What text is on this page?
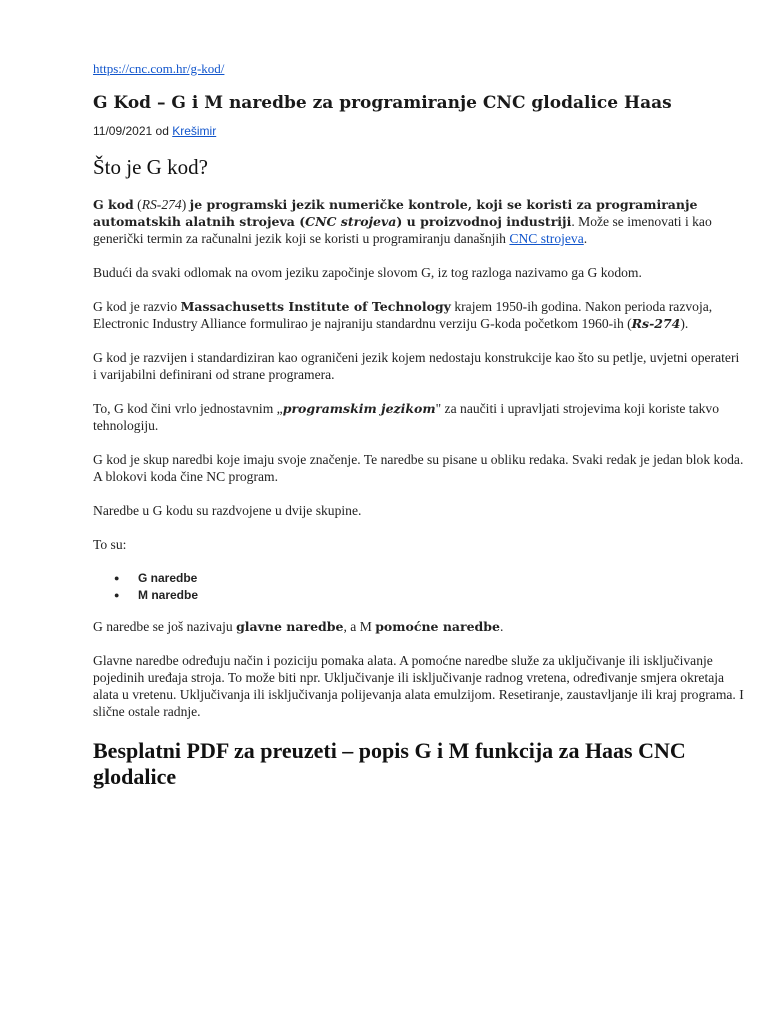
https://cnc.com.hr/g-kod/
G Kod – G i M naredbe za programiranje CNC glodalice Haas
11/09/2021 od Krešimir
Što je G kod?

G kod (RS-274) je programski jezik numeričke kontrole, koji se koristi za programiranje automatskih alatnih strojeva (CNC strojeva) u proizvodnoj industriji. Može se imenovati i kao generički termin za računalni jezik koji se koristi u programiranju današnjih CNC strojeva.

Budući da svaki odlomak na ovom jeziku započinje slovom G, iz tog razloga nazivamo ga G kodom.

G kod je razvio Massachusetts Institute of Technology krajem 1950-ih godina. Nakon perioda razvoja, Electronic Industry Alliance formulirao je najraniju standardnu verziju G-koda početkom 1960-ih (Rs-274).

G kod je razvijen i standardiziran kao ograničeni jezik kojem nedostaju konstrukcije kao što su petlje, uvjetni operateri i varijabilni definirani od strane programera.

To, G kod čini vrlo jednostavnim „programskim jezikom" za naučiti i upravljati strojevima koji koriste takvo tehnologiju.

G kod je skup naredbi koje imaju svoje značenje. Te naredbe su pisane u obliku redaka. Svaki redak je jedan blok koda. A blokovi koda čine NC program.

Naredbe u G kodu su razdvojene u dvije skupine.

To su:

● G naredbe
● M naredbe

G naredbe se još nazivaju glavne naredbe, a M pomoćne naredbe.

Glavne naredbe određuju način i poziciju pomaka alata. A pomoćne naredbe služe za uključivanje ili isključivanje pojedinih uređaja stroja. To može biti npr. Uključivanje ili isključivanje radnog vretena, određivanje smjera okretaja alata u vretenu. Uključivanja ili isključivanja polijevanja alata emulzijom. Resetiranje, zaustavljanje ili kraj programa. I slične ostale radnje.

Besplatni PDF za preuzeti – popis G i M funkcija za Haas CNC glodalice
